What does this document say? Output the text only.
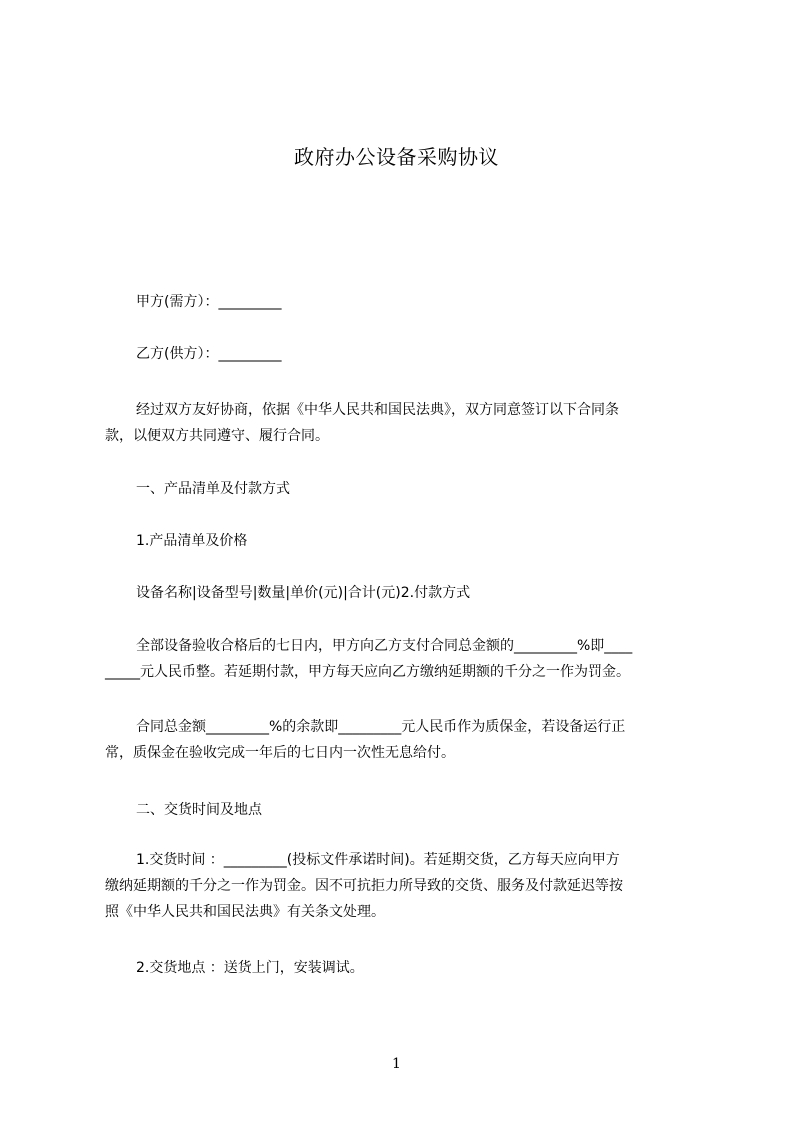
政府办公设备采购协议
甲方(需方）：_________
乙方(供方）：_________
经过双方友好协商，依据《中华人民共和国民法典》，双方同意签订以下合同条
款，以便双方共同遵守、履行合同。
一、产品清单及付款方式
1.产品清单及价格
设备名称|设备型号|数量|单价(元)|合计(元)2.付款方式
全部设备验收合格后的七日内，甲方向乙方支付合同总金额的_________%即____
_____元人民币整。若延期付款，甲方每天应向乙方缴纳延期额的千分之一作为罚金。
合同总金额_________%的余款即_________元人民币作为质保金，若设备运行正
常，质保金在验收完成一年后的七日内一次性无息给付。
二、交货时间及地点
1.交货时间 ：_________(投标文件承诺时间)。若延期交货，乙方每天应向甲方
缴纳延期额的千分之一作为罚金。因不可抗拒力所导致的交货、服务及付款延迟等按
照《中华人民共和国民法典》有关条文处理。
2.交货地点 ：送货上门，安装调试。
1
